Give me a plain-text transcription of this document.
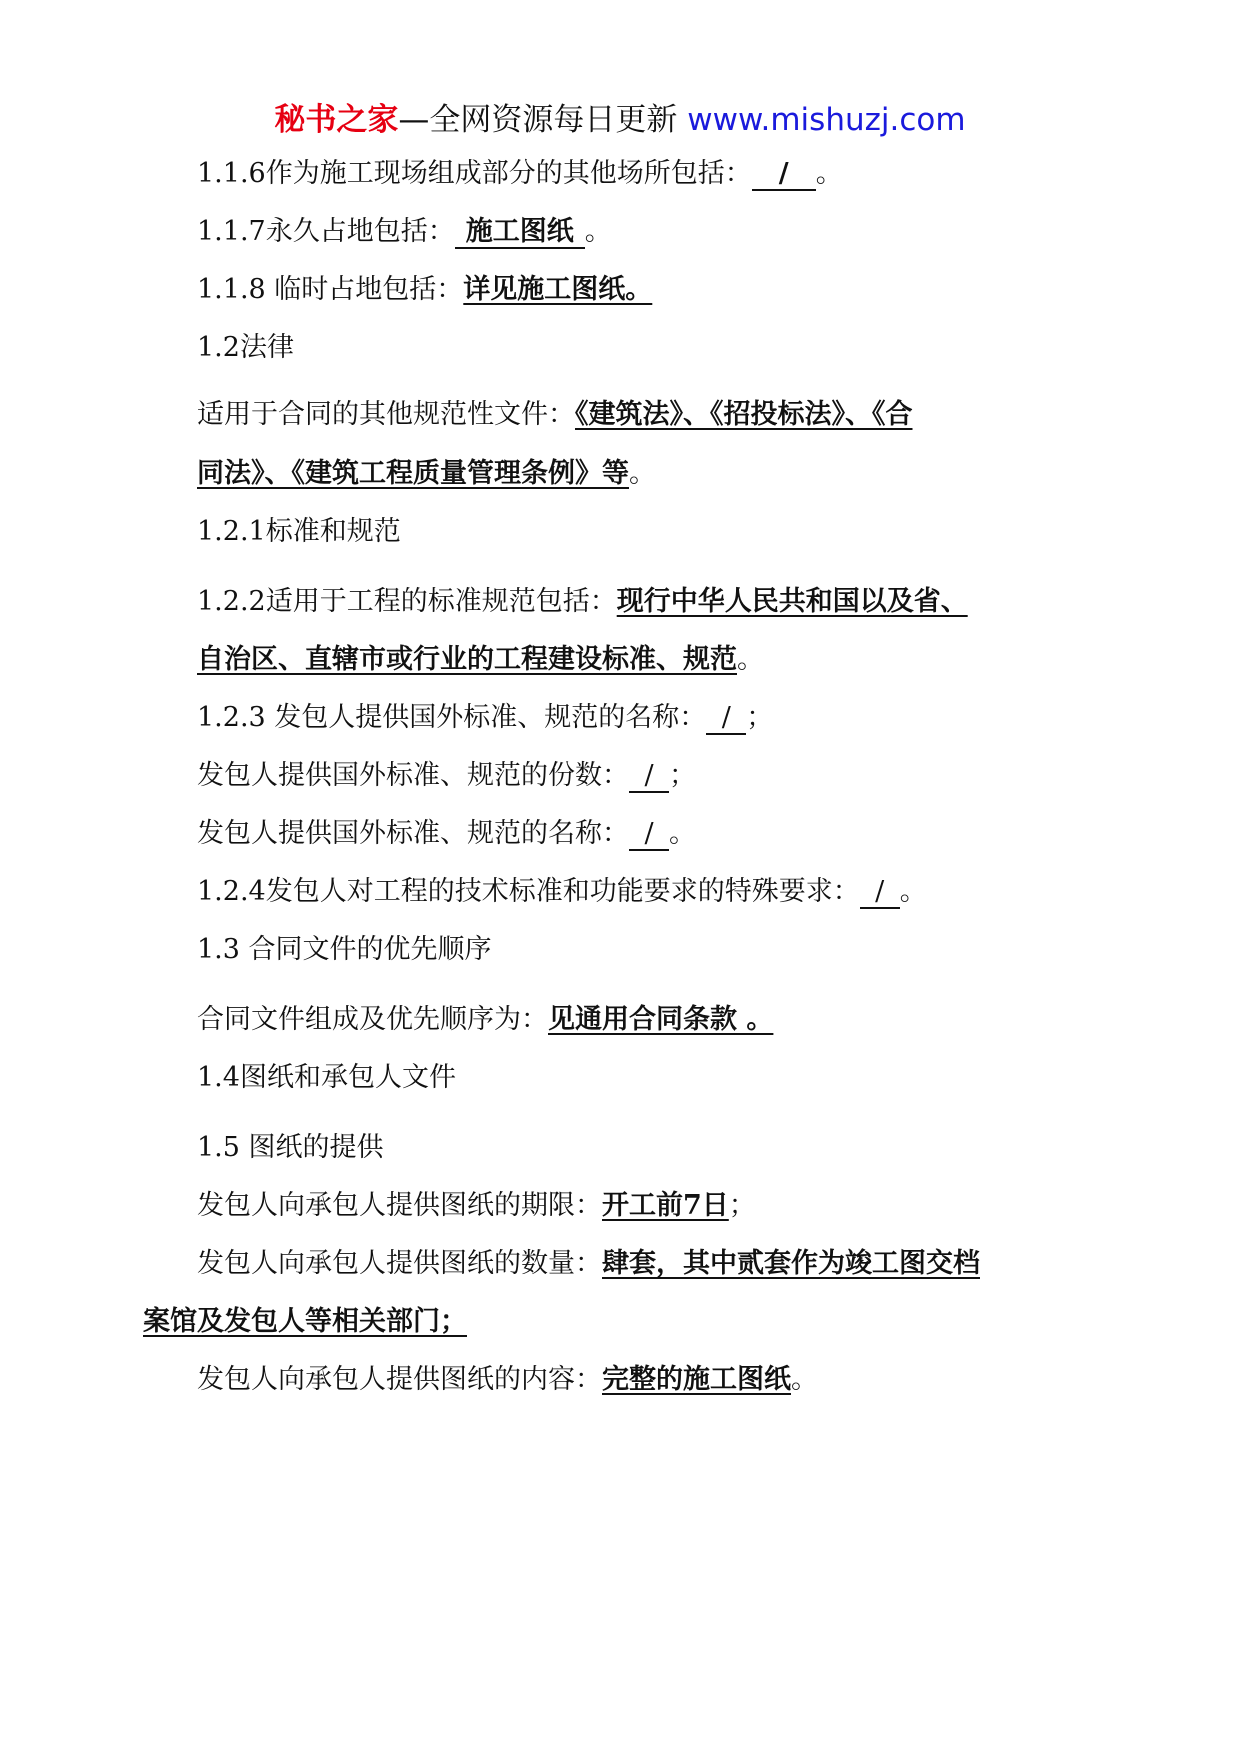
秘书之家—全网资源每日更新 www.mishuzj.com
1.1.6作为施工现场组成部分的其他场所包括： / 。
1.1.7永久占地包括： 施工图纸 。
1.1.8 临时占地包括：详见施工图纸。
1.2法律
适用于合同的其他规范性文件：《建筑法》、《招投标法》、《合
同法》、《建筑工程质量管理条例》等。
1.2.1标准和规范
1.2.2适用于工程的标准规范包括：现行中华人民共和国以及省、
自治区、直辖市或行业的工程建设标准、规范。
1.2.3 发包人提供国外标准、规范的名称： / ；
发包人提供国外标准、规范的份数： / ；
发包人提供国外标准、规范的名称： / 。
1.2.4发包人对工程的技术标准和功能要求的特殊要求： / 。
1.3 合同文件的优先顺序
合同文件组成及优先顺序为：见通用合同条款 。
1.4图纸和承包人文件
1.5 图纸的提供
发包人向承包人提供图纸的期限：开工前7日；
发包人向承包人提供图纸的数量：肆套，其中贰套作为竣工图交档
案馆及发包人等相关部门；
发包人向承包人提供图纸的内容：完整的施工图纸。
